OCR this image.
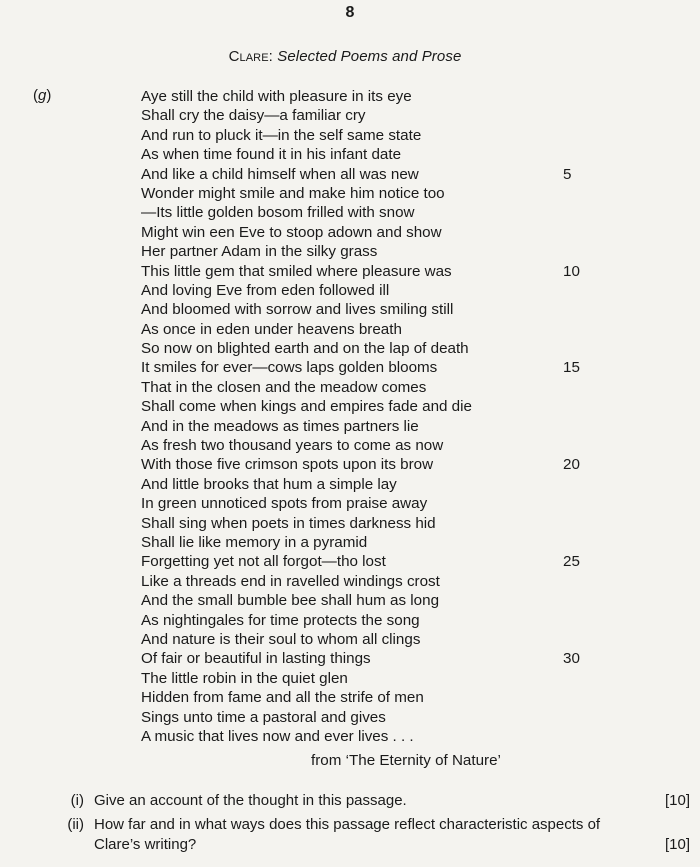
8
Clare: Selected Poems and Prose
(g)	Aye still the child with pleasure in its eye
Shall cry the daisy—a familiar cry
And run to pluck it—in the self same state
As when time found it in his infant date
And like a child himself when all was new	5
Wonder might smile and make him notice too
—Its little golden bosom frilled with snow
Might win een Eve to stoop adown and show
Her partner Adam in the silky grass
This little gem that smiled where pleasure was	10
And loving Eve from eden followed ill
And bloomed with sorrow and lives smiling still
As once in eden under heavens breath
So now on blighted earth and on the lap of death
It smiles for ever—cows laps golden blooms	15
That in the closen and the meadow comes
Shall come when kings and empires fade and die
And in the meadows as times partners lie
As fresh two thousand years to come as now
With those five crimson spots upon its brow	20
And little brooks that hum a simple lay
In green unnoticed spots from praise away
Shall sing when poets in times darkness hid
Shall lie like memory in a pyramid
Forgetting yet not all forgot—tho lost	25
Like a threads end in ravelled windings crost
And the small bumble bee shall hum as long
As nightingales for time protects the song
And nature is their soul to whom all clings
Of fair or beautiful in lasting things	30
The little robin in the quiet glen
Hidden from fame and all the strife of men
Sings unto time a pastoral and gives
A music that lives now and ever lives . . .
from ‘The Eternity of Nature’
(i) Give an account of the thought in this passage.	[10]
(ii) How far and in what ways does this passage reflect characteristic aspects of
Clare’s writing?	[10]
